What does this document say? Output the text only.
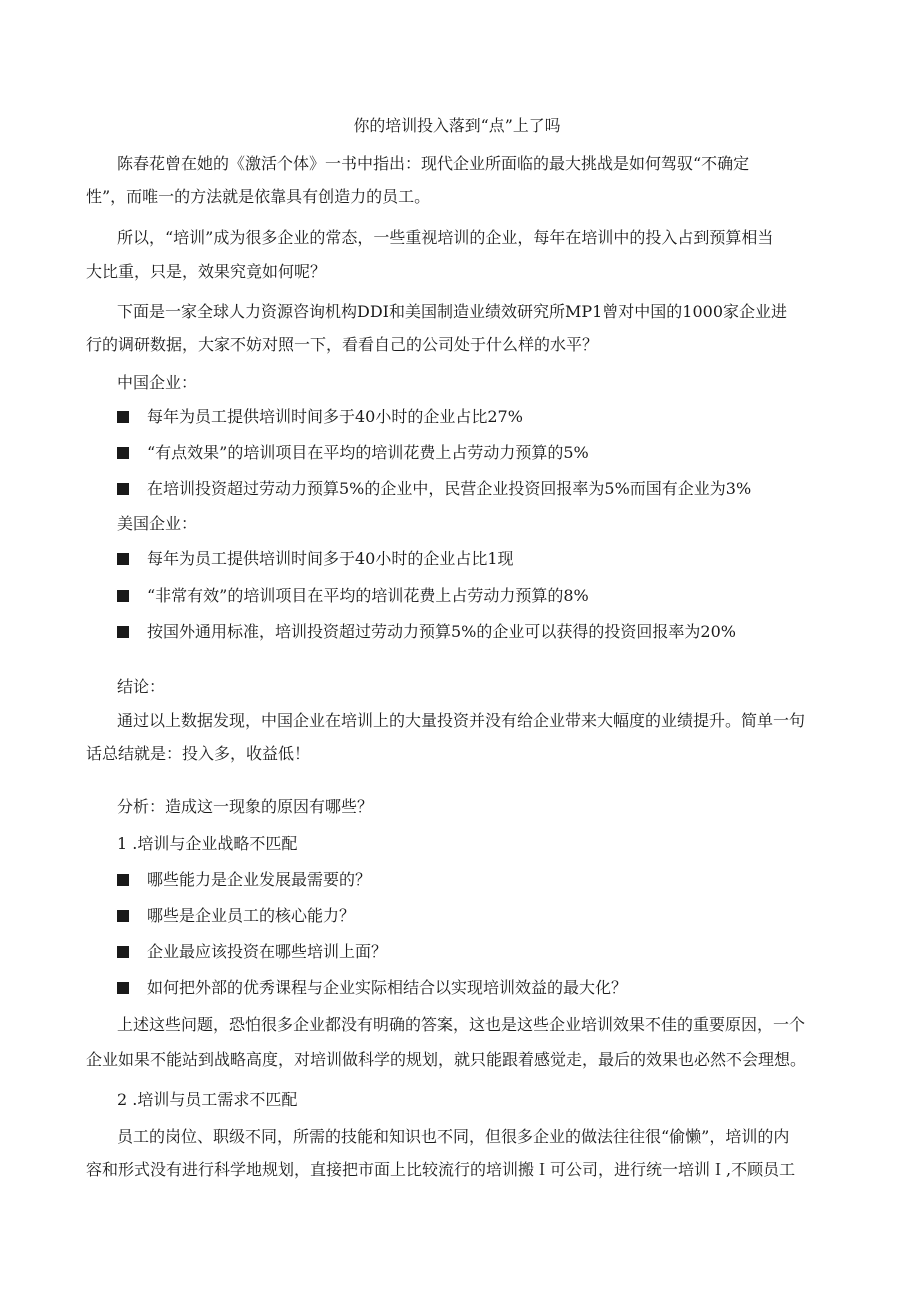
你的培训投入落到“点”上了吗
陈春花曾在她的《激活个体》一书中指出：现代企业所面临的最大挑战是如何驾驭“不确定
性”，而唯一的方法就是依靠具有创造力的员工。
所以，“培训”成为很多企业的常态，一些重视培训的企业，每年在培训中的投入占到预算相当
大比重，只是，效果究竟如何呢？
下面是一家全球人力资源咨询机构DDI和美国制造业绩效研究所MP1曾对中国的1000家企业进
行的调研数据，大家不妨对照一下，看看自己的公司处于什么样的水平？
中国企业：
每年为员工提供培训时间多于40小时的企业占比27%
“有点效果”的培训项目在平均的培训花费上占劳动力预算的5%
在培训投资超过劳动力预算5%的企业中，民营企业投资回报率为5%而国有企业为3%
美国企业：
每年为员工提供培训时间多于40小时的企业占比1现
“非常有效”的培训项目在平均的培训花费上占劳动力预算的8%
按国外通用标准，培训投资超过劳动力预算5%的企业可以获得的投资回报率为20%
结论：
通过以上数据发现，中国企业在培训上的大量投资并没有给企业带来大幅度的业绩提升。简单一句
话总结就是：投入多，收益低！
分析：造成这一现象的原因有哪些？
1 .培训与企业战略不匹配
哪些能力是企业发展最需要的？
哪些是企业员工的核心能力？
企业最应该投资在哪些培训上面？
如何把外部的优秀课程与企业实际相结合以实现培训效益的最大化？
上述这些问题，恐怕很多企业都没有明确的答案，这也是这些企业培训效果不佳的重要原因，一个
企业如果不能站到战略高度，对培训做科学的规划，就只能跟着感觉走，最后的效果也必然不会理想。
2 .培训与员工需求不匹配
员工的岗位、职级不同，所需的技能和知识也不同，但很多企业的做法往往很“偷懒”，培训的内
容和形式没有进行科学地规划，直接把市面上比较流行的培训搬Ｉ可公司，进行统一培训Ｉ,不顾员工
